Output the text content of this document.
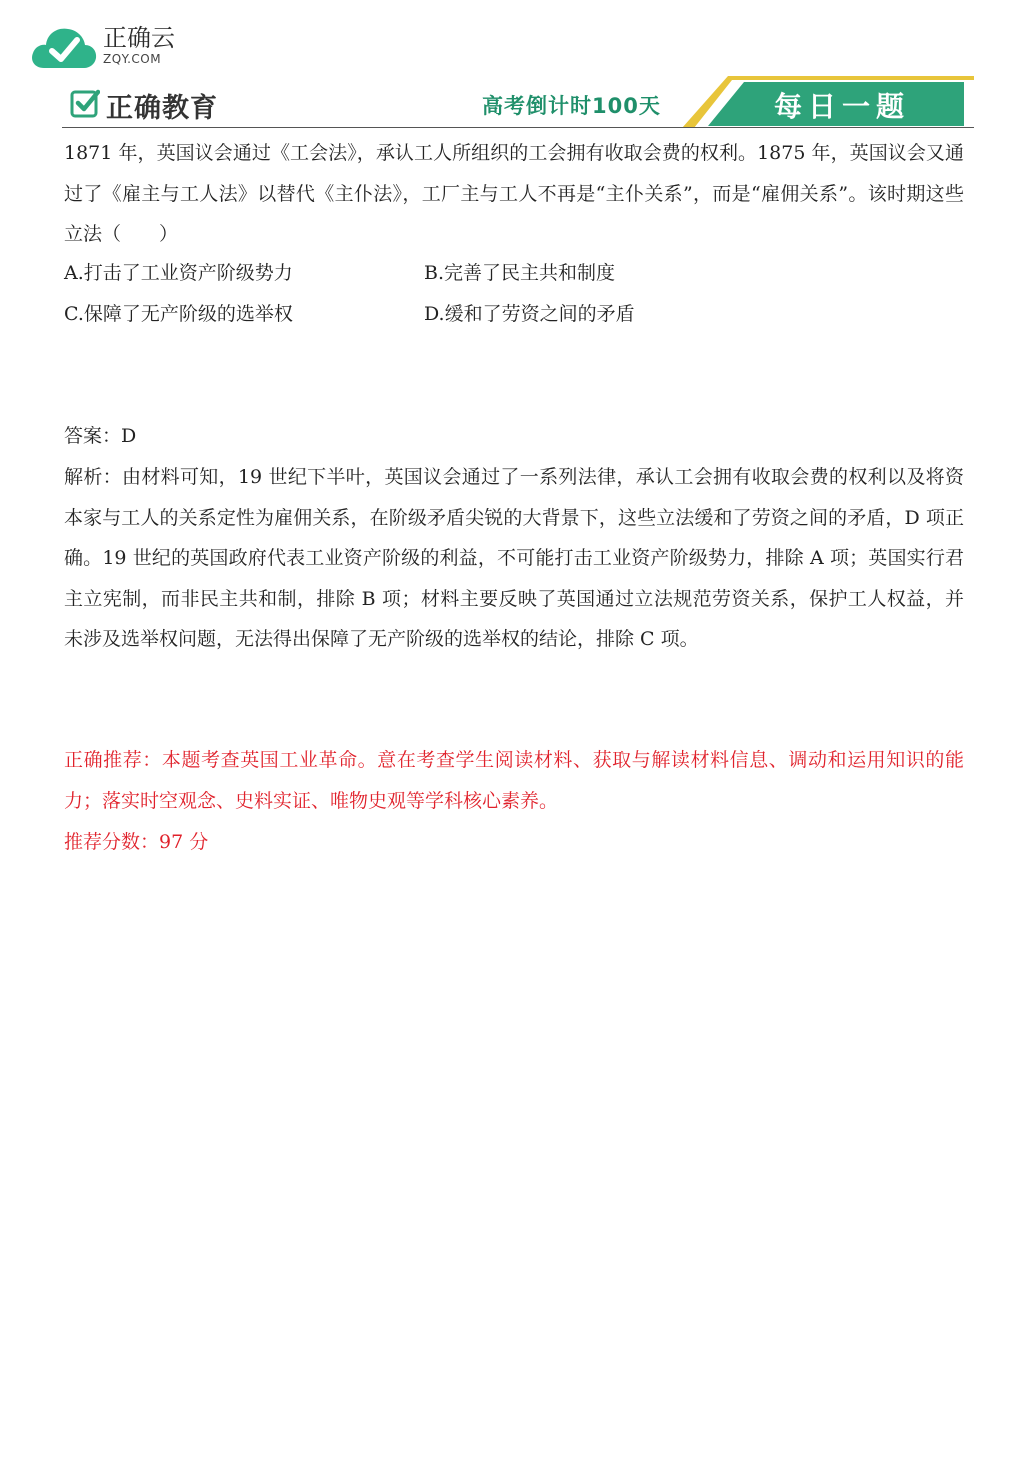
正确云
ZQY.COM
正确教育	高考倒计时100天	每日一题
1871 年，英国议会通过《工会法》，承认工人所组织的工会拥有收取会费的权利。1875 年，英国议会又通过了《雇主与工人法》以替代《主仆法》，工厂主与工人不再是“主仆关系”，而是“雇佣关系”。该时期这些立法（　　）
A.打击了工业资产阶级势力	B.完善了民主共和制度
C.保障了无产阶级的选举权	D.缓和了劳资之间的矛盾
答案：D
解析：由材料可知，19 世纪下半叶，英国议会通过了一系列法律，承认工会拥有收取会费的权利以及将资本家与工人的关系定性为雇佣关系，在阶级矛盾尖锐的大背景下，这些立法缓和了劳资之间的矛盾，D 项正确。19 世纪的英国政府代表工业资产阶级的利益，不可能打击工业资产阶级势力，排除 A 项；英国实行君主立宪制，而非民主共和制，排除 B 项；材料主要反映了英国通过立法规范劳资关系，保护工人权益，并未涉及选举权问题，无法得出保障了无产阶级的选举权的结论，排除 C 项。
正确推荐：本题考查英国工业革命。意在考查学生阅读材料、获取与解读材料信息、调动和运用知识的能力；落实时空观念、史料实证、唯物史观等学科核心素养。
推荐分数：97 分
